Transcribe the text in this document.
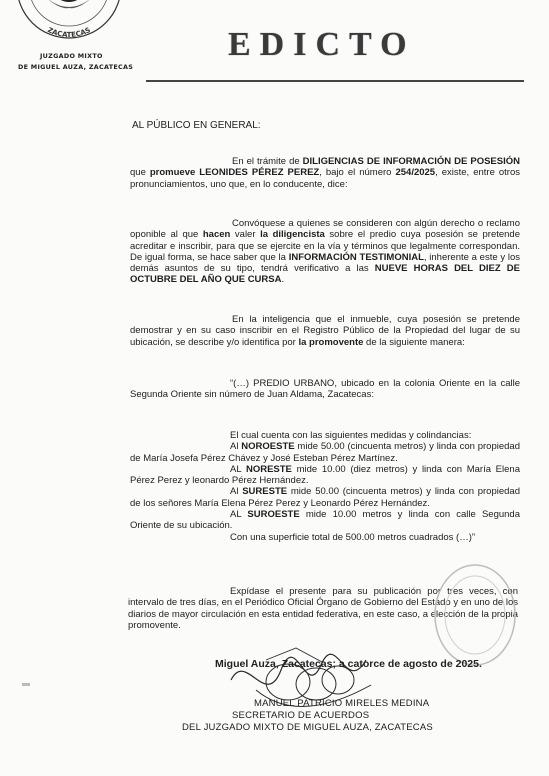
ZACATECAS
JUZGADO MIXTO
DE MIGUEL AUZA, ZACATECAS
EDICTO
AL PÚBLICO EN GENERAL:
En el trámite de DILIGENCIAS DE INFORMACIÓN DE POSESIÓN que promueve LEONIDES PÉREZ PEREZ, bajo el número 254/2025, existe, entre otros pronunciamientos, uno que, en lo conducente, dice:
Convóquese a quienes se consideren con algún derecho o reclamo oponible al que hacen valer la diligencista sobre el predio cuya posesión se pretende acreditar e inscribir, para que se ejercite en la vía y términos que legalmente correspondan. De igual forma, se hace saber que la INFORMACIÓN TESTIMONIAL, inherente a este y los demás asuntos de su tipo, tendrá verificativo a las NUEVE HORAS DEL DIEZ DE OCTUBRE DEL AÑO QUE CURSA.
En la inteligencia que el inmueble, cuya posesión se pretende demostrar y en su caso inscribir en el Registro Público de la Propiedad del lugar de su ubicación, se describe y/o identifica por la promovente de la siguiente manera:
“(…) PREDIO URBANO, ubicado en la colonia Oriente en la calle Segunda Oriente sin número de Juan Aldama, Zacatecas:
El cual cuenta con las siguientes medidas y colindancias:
Al NOROESTE mide 50.00 (cincuenta metros) y linda con propiedad de María Josefa Pérez Chávez y José Esteban Pérez Martínez.
AL NORESTE mide 10.00 (diez metros) y linda con María Elena Pérez Perez y leonardo Pérez Hernández.
Al SURESTE mide 50.00 (cincuenta metros) y linda con propiedad de los señores María Elena Pérez Perez y Leonardo Pérez Hernández.
AL SUROESTE mide 10.00 metros y linda con calle Segunda Oriente de su ubicación.
Con una superficie total de 500.00 metros cuadrados (…)”
Expídase el presente para su publicación por tres veces, con intervalo de tres días, en el Periódico Oficial Órgano de Gobierno del Estado y en uno de los diarios de mayor circulación en esta entidad federativa, en este caso, a elección de la propia promovente.
Miguel Auza, Zacatecas; a catorce de agosto de 2025.
MANUEL PATRICIO MIRELES MEDINA
SECRETARIO DE ACUERDOS
DEL JUZGADO MIXTO DE MIGUEL AUZA, ZACATECAS
